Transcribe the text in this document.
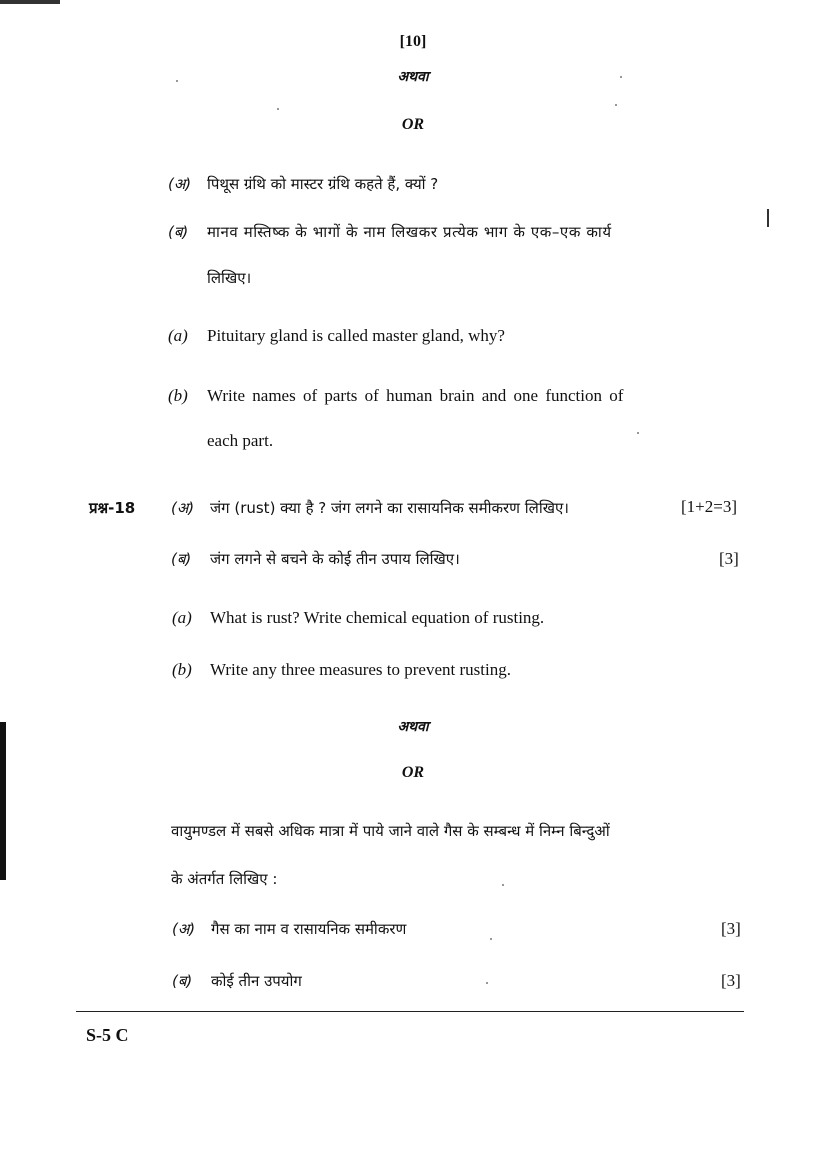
[10]
अथवा
OR
(अ) पिथूस ग्रंथि को मास्टर ग्रंथि कहते हैं, क्यों ?
(ब) मानव मस्तिष्क के भागों के नाम लिखकर प्रत्येक भाग के एक–एक कार्य
लिखिए।
(a) Pituitary gland is called master gland, why?
(b) Write names of parts of human brain and one function of
each part.
प्रश्न-18 (अ) जंग (rust) क्या है ? जंग लगने का रासायनिक समीकरण लिखिए।	[1+2=3]
(ब) जंग लगने से बचने के कोई तीन उपाय लिखिए।	[3]
(a) What is rust? Write chemical equation of rusting.
(b) Write any three measures to prevent rusting.
अथवा
OR
वायुमण्डल में सबसे अधिक मात्रा में पाये जाने वाले गैस के सम्बन्ध में निम्न बिन्दुओं
के अंतर्गत लिखिए :
(अ) गैस का नाम व रासायनिक समीकरण	[3]
(ब) कोई तीन उपयोग	[3]
S-5 C
